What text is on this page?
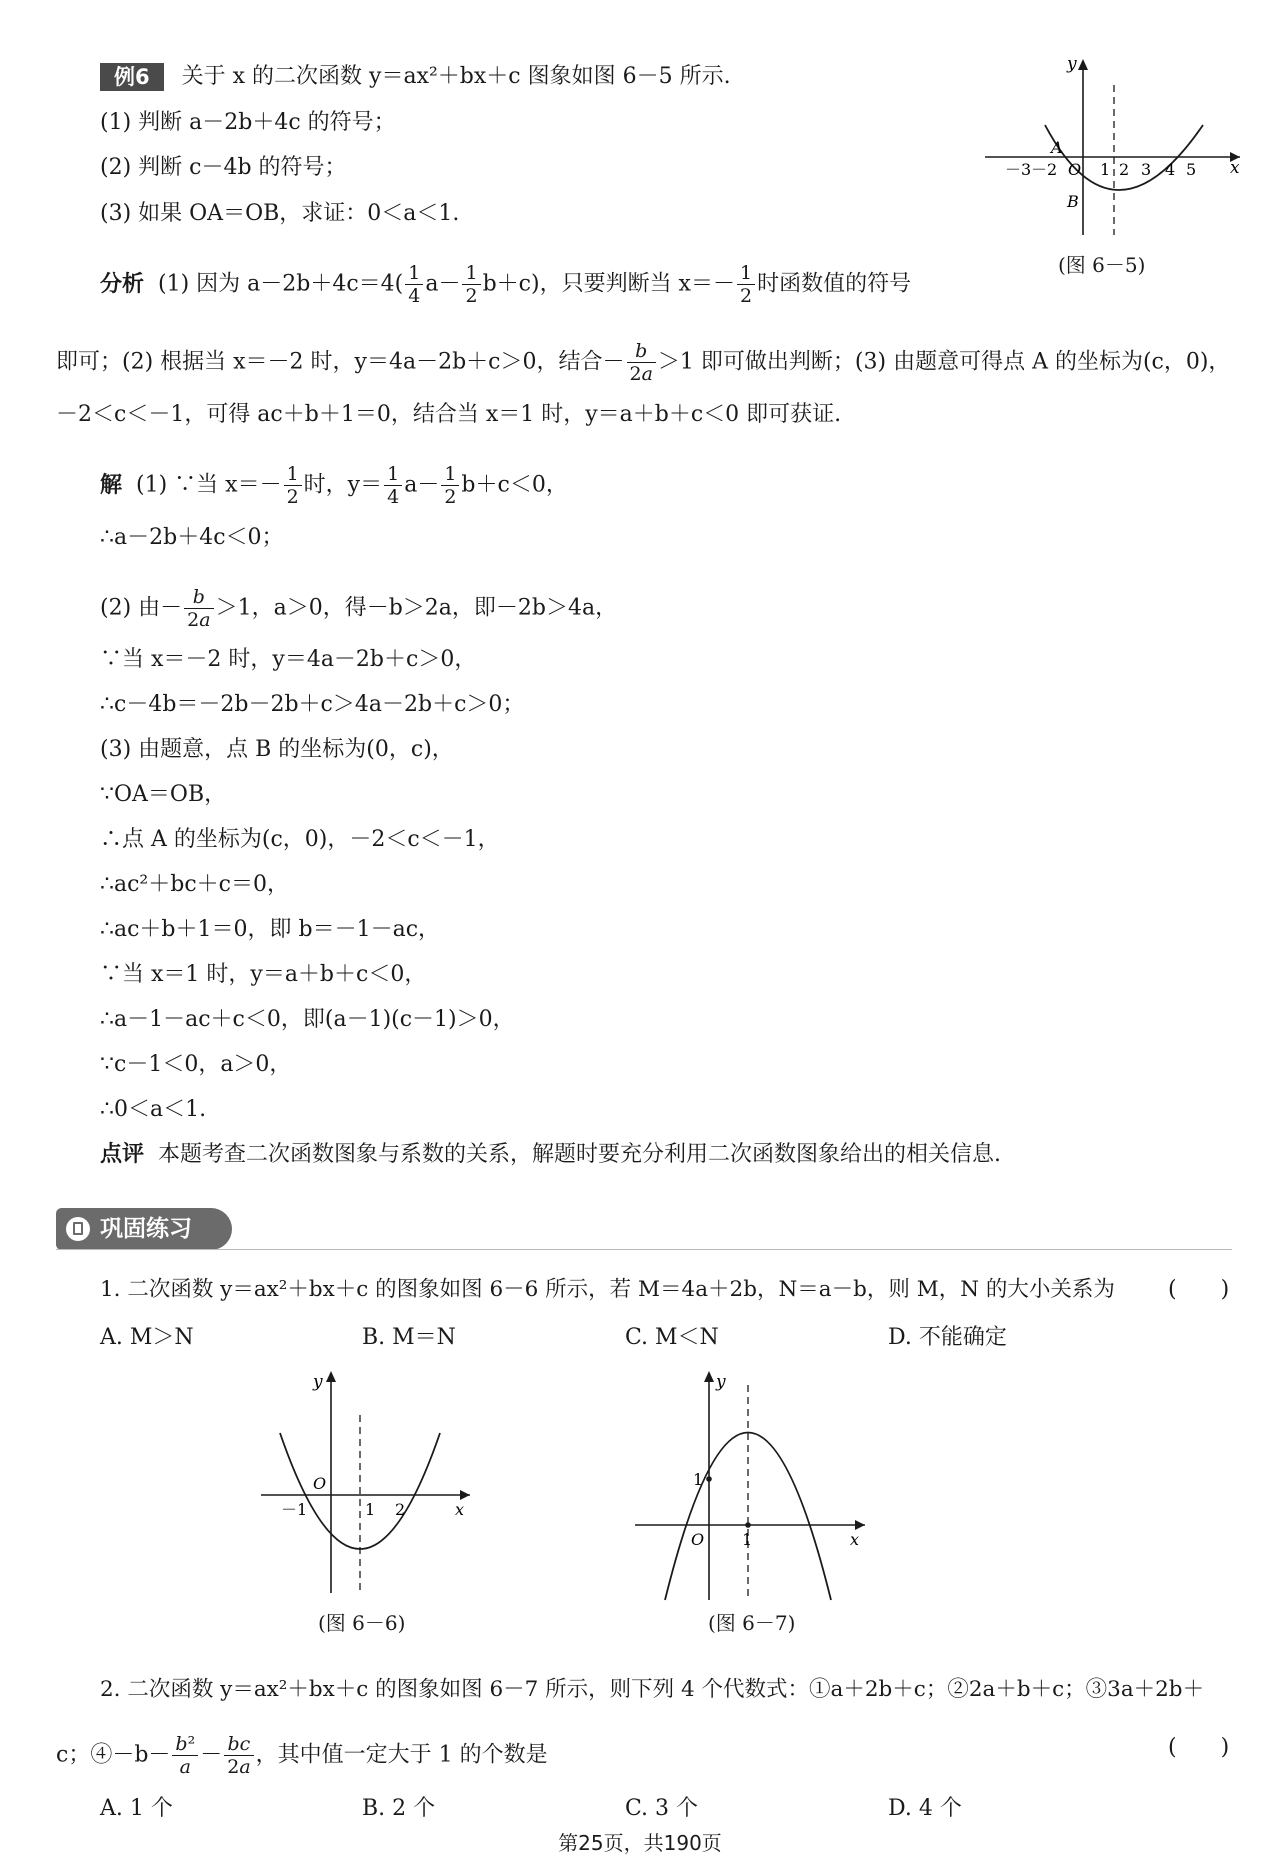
例6 关于 x 的二次函数 y＝ax²＋bx＋c 图象如图 6－5 所示.
(1) 判断 a－2b＋4c 的符号；
(2) 判断 c－4b 的符号；
(3) 如果 OA＝OB，求证：0＜a＜1.
y
x
－3 －2
A
O 1 2 3 4 5
B
(图 6－5)
分析 (1) 因为 $a-2b+4c=4( \frac{1}{4} a- \frac{1}{2} b+c)$，只要判断当 $x=- \frac{1}{2}$ 时函数值的符号
即可；(2) 根据当 x＝－2 时，y＝4a－2b＋c＞0，结合－ $\frac{b}{2a} >1$ 即可做出判断；(3) 由题意可得点 A 的坐标为(c，0)，
－2＜c＜－1，可得 ac＋b＋1＝0，结合当 x＝1 时，y＝a＋b＋c＜0 即可获证.
解 (1) ∵当 $x=- \frac{1}{2}$ 时，$y= \frac{1}{4} a- \frac{1}{2} b+c<0$，
∴a－2b＋4c＜0；
(2) 由－ $\frac{b}{2a} >1$，a＞0，得－b＞2a，即－2b＞4a，
∵当 x＝－2 时，y＝4a－2b＋c＞0，
∴c－4b＝－2b－2b＋c＞4a－2b＋c＞0；
(3) 由题意，点 B 的坐标为(0，c)，
∵OA＝OB，
∴点 A 的坐标为(c，0)，－2＜c＜－1，
∴ac²＋bc＋c＝0，
∴ac＋b＋1＝0，即 b＝－1－ac，
∵当 x＝1 时，y＝a＋b＋c＜0，
∴a－1－ac＋c＜0，即(a－1)(c－1)＞0，
∵c－1＜0，a＞0，
∴0＜a＜1.
点评 本题考查二次函数图象与系数的关系，解题时要充分利用二次函数图象给出的相关信息.
巩固练习
1. 二次函数 y＝ax²＋bx＋c 的图象如图 6－6 所示，若 M＝4a＋2b，N＝a－b，则 M，N 的大小关系为 (　　)
A. M＞N	B. M＝N	C. M＜N	D. 不能确定
y
x
O
－1	1 2
(图 6－6)
y
x
1
O 1
(图 6－7)
2. 二次函数 y＝ax²＋bx＋c 的图象如图 6－7 所示，则下列 4 个代数式：①a＋2b＋c；②2a＋b＋c；③3a＋2b＋
c；④－b－ $\frac{\text{b²}}{a} - \frac{bc}{2a}$ ，其中值一定大于 1 的个数是	(　　)
A. 1 个	B. 2 个	C. 3 个	D. 4 个
第25页，共190页
